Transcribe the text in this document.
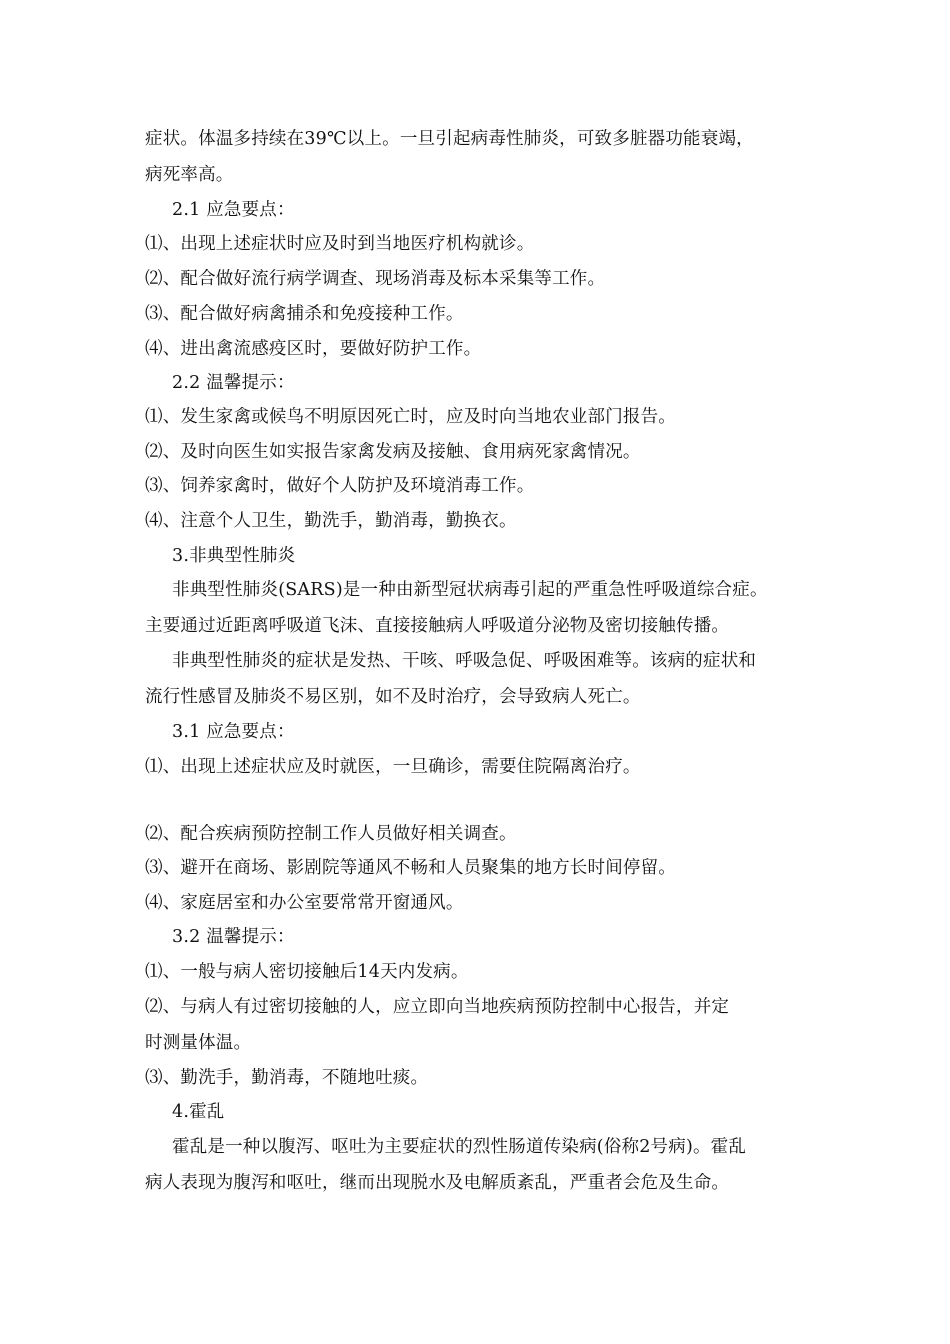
症状。体温多持续在39℃以上。一旦引起病毒性肺炎，可致多脏器功能衰竭，
病死率高。
2.1 应急要点：
⑴、出现上述症状时应及时到当地医疗机构就诊。
⑵、配合做好流行病学调查、现场消毒及标本采集等工作。
⑶、配合做好病禽捕杀和免疫接种工作。
⑷、进出禽流感疫区时，要做好防护工作。
2.2 温馨提示：
⑴、发生家禽或候鸟不明原因死亡时，应及时向当地农业部门报告。
⑵、及时向医生如实报告家禽发病及接触、食用病死家禽情况。
⑶、饲养家禽时，做好个人防护及环境消毒工作。
⑷、注意个人卫生，勤洗手，勤消毒，勤换衣。
3.非典型性肺炎
非典型性肺炎(SARS)是一种由新型冠状病毒引起的严重急性呼吸道综合症。
主要通过近距离呼吸道飞沫、直接接触病人呼吸道分泌物及密切接触传播。
非典型性肺炎的症状是发热、干咳、呼吸急促、呼吸困难等。该病的症状和
流行性感冒及肺炎不易区别，如不及时治疗，会导致病人死亡。
3.1 应急要点：
⑴、出现上述症状应及时就医，一旦确诊，需要住院隔离治疗。
⑵、配合疾病预防控制工作人员做好相关调查。
⑶、避开在商场、影剧院等通风不畅和人员聚集的地方长时间停留。
⑷、家庭居室和办公室要常常开窗通风。
3.2 温馨提示：
⑴、一般与病人密切接触后14天内发病。
⑵、与病人有过密切接触的人，应立即向当地疾病预防控制中心报告，并定
时测量体温。
⑶、勤洗手，勤消毒，不随地吐痰。
4.霍乱
霍乱是一种以腹泻、呕吐为主要症状的烈性肠道传染病(俗称2号病)。霍乱
病人表现为腹泻和呕吐，继而出现脱水及电解质紊乱，严重者会危及生命。
